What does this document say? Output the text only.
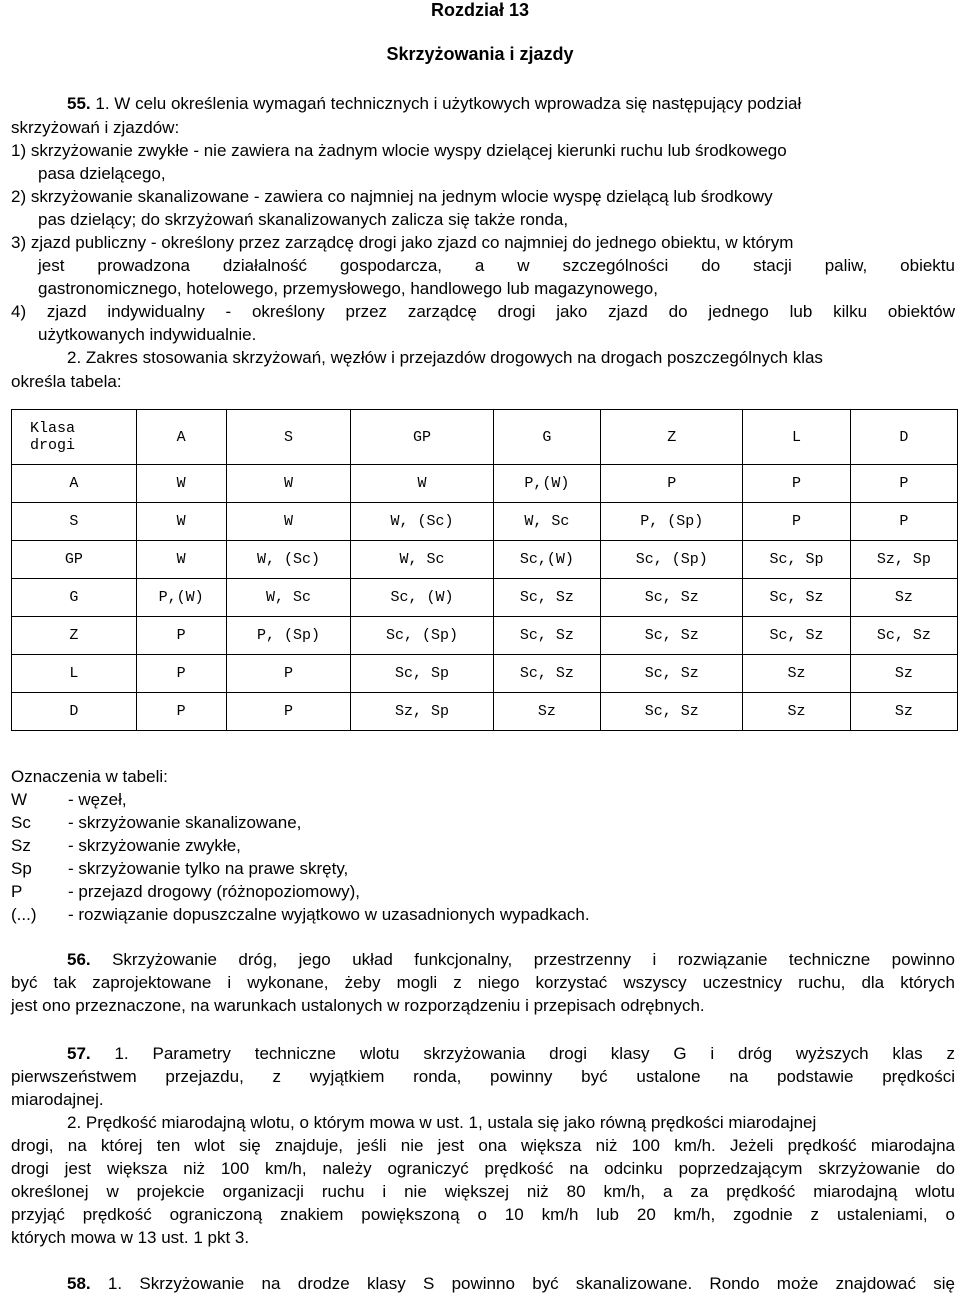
Rozdział 13
Skrzyżowania i zjazdy
55. 1. W celu określenia wymagań technicznych i użytkowych wprowadza się następujący podział
skrzyżowań i zjazdów:
1) skrzyżowanie zwykłe - nie zawiera na żadnym wlocie wyspy dzielącej kierunki ruchu lub środkowego
pasa dzielącego,
2) skrzyżowanie skanalizowane - zawiera co najmniej na jednym wlocie wyspę dzielącą lub środkowy
pas dzielący; do skrzyżowań skanalizowanych zalicza się także ronda,
3) zjazd publiczny - określony przez zarządcę drogi jako zjazd co najmniej do jednego obiektu, w którym
jest prowadzona działalność gospodarcza, a w szczególności do stacji paliw, obiektu
gastronomicznego, hotelowego, przemysłowego, handlowego lub magazynowego,
4) zjazd indywidualny - określony przez zarządcę drogi jako zjazd do jednego lub kilku obiektów
użytkowanych indywidualnie.
2. Zakres stosowania skrzyżowań, węzłów i przejazdów drogowych na drogach poszczególnych klas
określa tabela:
Klasa
drogi	A	S	GP	G	Z	L	D
A	W	W	W	P,(W)	P	P	P
S	W	W	W, (Sc)	W, Sc	P, (Sp)	P	P
GP	W	W, (Sc)	W, Sc	Sc,(W)	Sc, (Sp)	Sc, Sp	Sz, Sp
G	P,(W)	W, Sc	Sc, (W)	Sc, Sz	Sc, Sz	Sc, Sz	Sz
Z	P	P, (Sp)	Sc, (Sp)	Sc, Sz	Sc, Sz	Sc, Sz	Sc, Sz
L	P	P	Sc, Sp	Sc, Sz	Sc, Sz	Sz	Sz
D	P	P	Sz, Sp	Sz	Sc, Sz	Sz	Sz
Oznaczenia w tabeli:
W	- węzeł,
Sc	- skrzyżowanie skanalizowane,
Sz	- skrzyżowanie zwykłe,
Sp	- skrzyżowanie tylko na prawe skręty,
P	- przejazd drogowy (różnopoziomowy),
(...)	- rozwiązanie dopuszczalne wyjątkowo w uzasadnionych wypadkach.
56. Skrzyżowanie dróg, jego układ funkcjonalny, przestrzenny i rozwiązanie techniczne powinno
być tak zaprojektowane i wykonane, żeby mogli z niego korzystać wszyscy uczestnicy ruchu, dla których
jest ono przeznaczone, na warunkach ustalonych w rozporządzeniu i przepisach odrębnych.
57. 1. Parametry techniczne wlotu skrzyżowania drogi klasy G i dróg wyższych klas z
pierwszeństwem przejazdu, z wyjątkiem ronda, powinny być ustalone na podstawie prędkości
miarodajnej.
2. Prędkość miarodajną wlotu, o którym mowa w ust. 1, ustala się jako równą prędkości miarodajnej
drogi, na której ten wlot się znajduje, jeśli nie jest ona większa niż 100 km/h. Jeżeli prędkość miarodajna
drogi jest większa niż 100 km/h, należy ograniczyć prędkość na odcinku poprzedzającym skrzyżowanie do
określonej w projekcie organizacji ruchu i nie większej niż 80 km/h, a za prędkość miarodajną wlotu
przyjąć prędkość ograniczoną znakiem powiększoną o 10 km/h lub 20 km/h, zgodnie z ustaleniami, o
których mowa w 13 ust. 1 pkt 3.
58. 1. Skrzyżowanie na drodze klasy S powinno być skanalizowane. Rondo może znajdować się
